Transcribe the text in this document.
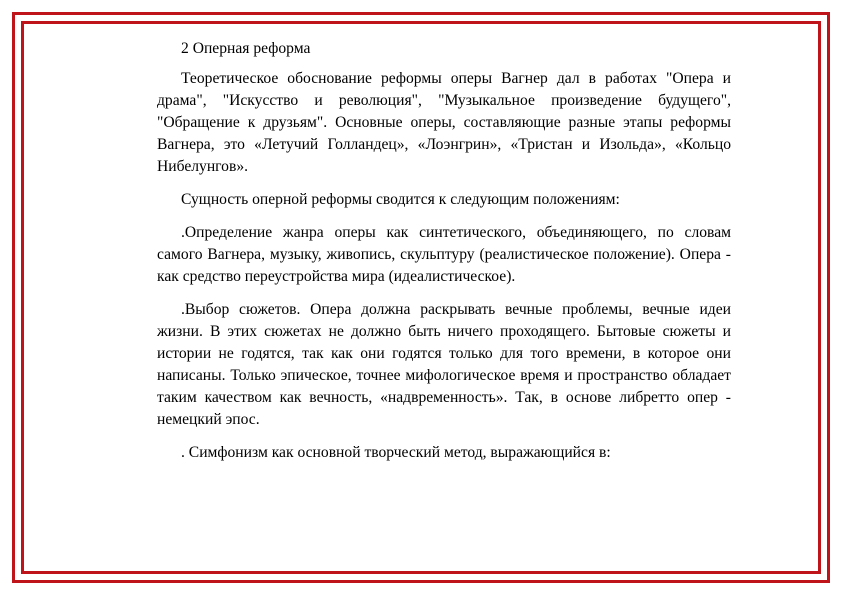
2 Оперная реформа

Теоретическое обоснование реформы оперы Вагнер дал в работах "Опера и драма", "Искусство и революция", "Музыкальное произведение будущего", "Обращение к друзьям". Основные оперы, составляющие разные этапы реформы Вагнера, это «Летучий Голландец», «Лоэнгрин», «Тристан и Изольда», «Кольцо Нибелунгов».

Сущность оперной реформы сводится к следующим положениям:

.Определение жанра оперы как синтетического, объединяющего, по словам самого Вагнера, музыку, живопись, скульптуру (реалистическое положение). Опера - как средство переустройства мира (идеалистическое).

.Выбор сюжетов. Опера должна раскрывать вечные проблемы, вечные идеи жизни. В этих сюжетах не должно быть ничего проходящего. Бытовые сюжеты и истории не годятся, так как они годятся только для того времени, в которое они написаны. Только эпическое, точнее мифологическое время и пространство обладает таким качеством как вечность, «надвременность». Так, в основе либретто опер - немецкий эпос.

. Симфонизм как основной творческий метод, выражающийся в:
